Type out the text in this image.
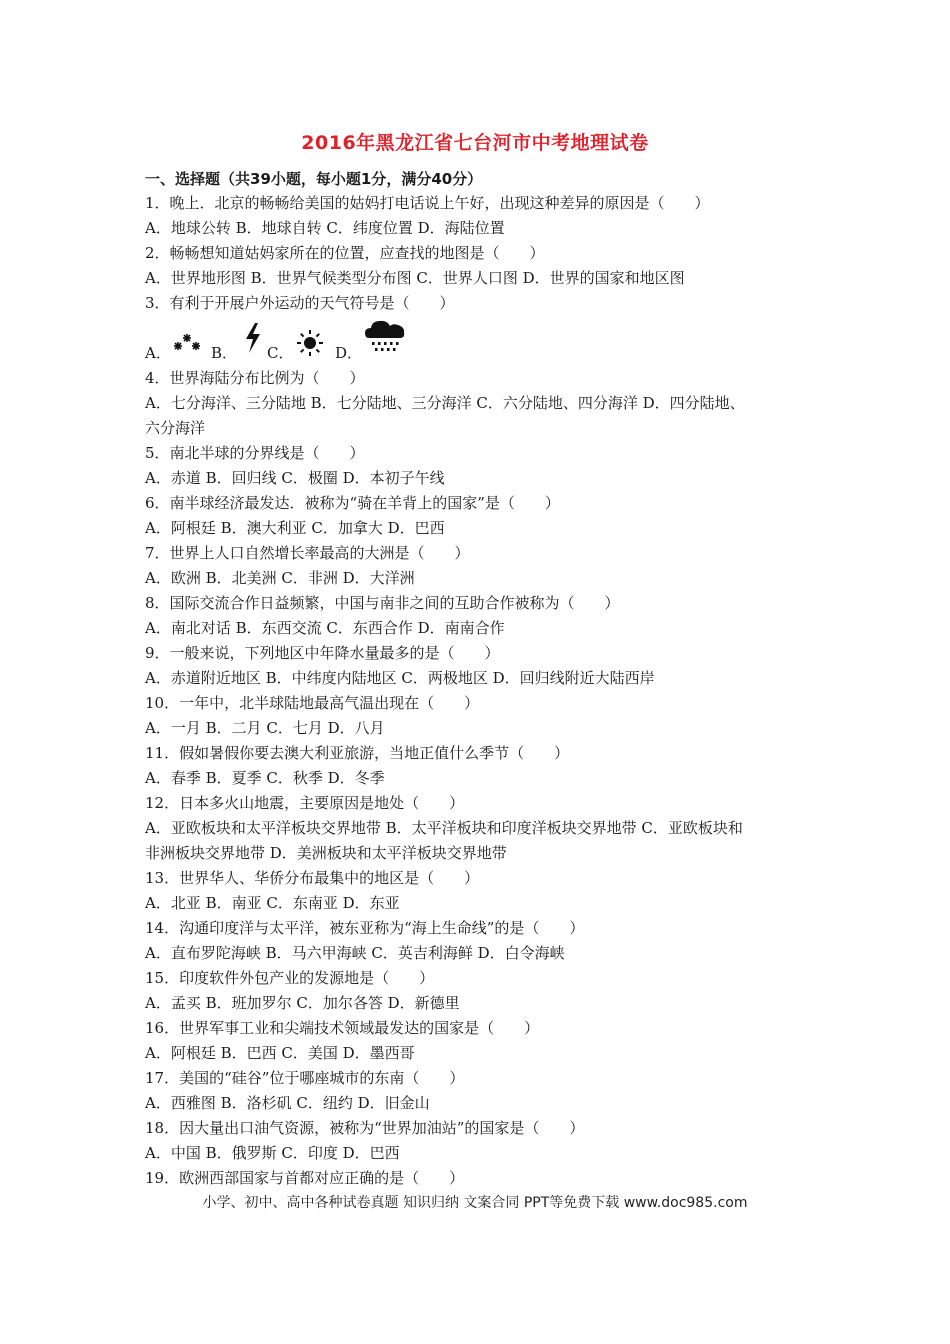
2016年黑龙江省七台河市中考地理试卷
一、选择题（共39小题，每小题1分，满分40分）
1．晚上．北京的畅畅给美国的姑妈打电话说上午好，出现这种差异的原因是（　　）
A．地球公转 B．地球自转 C．纬度位置 D．海陆位置
2．畅畅想知道姑妈家所在的位置，应查找的地图是（　　）
A．世界地形图 B．世界气候类型分布图 C．世界人口图 D．世界的国家和地区图
3．有利于开展户外运动的天气符号是（　　）
A．	B． C．	D．
4．世界海陆分布比例为（　　）
A．七分海洋、三分陆地 B．七分陆地、三分海洋 C．六分陆地、四分海洋 D．四分陆地、
六分海洋
5．南北半球的分界线是（　　）
A．赤道 B．回归线 C．极圈 D．本初子午线
6．南半球经济最发达．被称为“骑在羊背上的国家”是（　　）
A．阿根廷 B．澳大利亚 C．加拿大 D．巴西
7．世界上人口自然增长率最高的大洲是（　　）
A．欧洲 B．北美洲 C．非洲 D．大洋洲
8．国际交流合作日益频繁，中国与南非之间的互助合作被称为（　　）
A．南北对话 B．东西交流 C．东西合作 D．南南合作
9．一般来说，下列地区中年降水量最多的是（　　）
A．赤道附近地区 B．中纬度内陆地区 C．两极地区 D．回归线附近大陆西岸
10．一年中，北半球陆地最高气温出现在（　　）
A．一月 B．二月 C．七月 D．八月
11．假如暑假你要去澳大利亚旅游，当地正值什么季节（　　）
A．春季 B．夏季 C．秋季 D．冬季
12．日本多火山地震，主要原因是地处（　　）
A．亚欧板块和太平洋板块交界地带 B．太平洋板块和印度洋板块交界地带 C．亚欧板块和
非洲板块交界地带 D．美洲板块和太平洋板块交界地带
13．世界华人、华侨分布最集中的地区是（　　）
A．北亚 B．南亚 C．东南亚 D．东亚
14．沟通印度洋与太平洋，被东亚称为“海上生命线”的是（　　）
A．直布罗陀海峡 B．马六甲海峡 C．英吉利海鲜 D．白令海峡
15．印度软件外包产业的发源地是（　　）
A．孟买 B．班加罗尔 C．加尔各答 D．新德里
16．世界军事工业和尖端技术领域最发达的国家是（　　）
A．阿根廷 B．巴西 C．美国 D．墨西哥
17．美国的“硅谷”位于哪座城市的东南（　　）
A．西雅图 B．洛杉矶 C．纽约 D．旧金山
18．因大量出口油气资源，被称为“世界加油站”的国家是（　　）
A．中国 B．俄罗斯 C．印度 D．巴西
19．欧洲西部国家与首都对应正确的是（　　）
小学、初中、高中各种试卷真题 知识归纳 文案合同 PPT等免费下载 www.doc985.com
